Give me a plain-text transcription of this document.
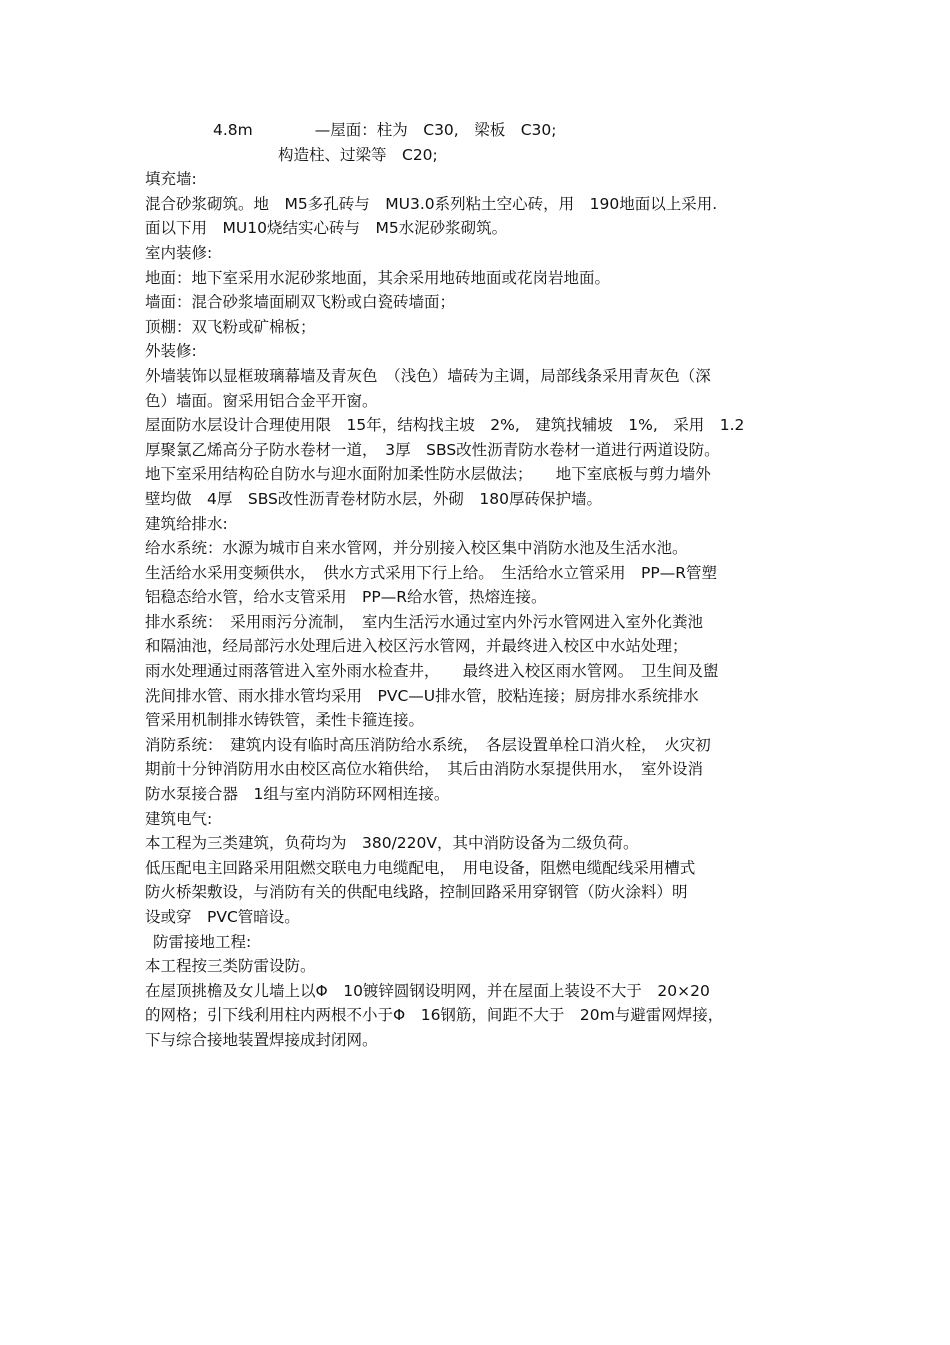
4.8m　　　　—屋面：柱为　C30,　梁板　C30;
构造柱、过梁等　C20;
填充墙:
混合砂浆砌筑。地　M5多孔砖与　MU3.0系列粘土空心砖，用　190地面以上采用.
面以下用　MU10烧结实心砖与　M5水泥砂浆砌筑。
室内装修:
地面：地下室采用水泥砂浆地面，其余采用地砖地面或花岗岩地面。
墙面：混合砂浆墙面刷双飞粉或白瓷砖墙面；
顶棚：双飞粉或矿棉板；
外装修:
外墙装饰以显框玻璃幕墙及青灰色　（浅色）墙砖为主调，局部线条采用青灰色（深
色）墙面。窗采用铝合金平开窗。
屋面防水层设计合理使用限　15年，结构找主坡　2%,　建筑找辅坡　1%,　采用　1.2
厚聚氯乙烯高分子防水卷材一道，　3厚　SBS改性沥青防水卷材一道进行两道设防。
地下室采用结构砼自防水与迎水面附加柔性防水层做法；　　地下室底板与剪力墙外
壁均做　4厚　SBS改性沥青卷材防水层，外砌　180厚砖保护墙。
建筑给排水:
给水系统：水源为城市自来水管网，并分别接入校区集中消防水池及生活水池。
生活给水采用变频供水，　供水方式采用下行上给。　生活给水立管采用　PP—R管塑
铝稳态给水管，给水支管采用　PP—R给水管，热熔连接。
排水系统：　采用雨污分流制，　室内生活污水通过室内外污水管网进入室外化粪池
和隔油池，经局部污水处理后进入校区污水管网，并最终进入校区中水站处理；
雨水处理通过雨落管进入室外雨水检查井，　　最终进入校区雨水管网。　卫生间及盥
洗间排水管、雨水排水管均采用　PVC—U排水管，胶粘连接；厨房排水系统排水
管采用机制排水铸铁管，柔性卡箍连接。
消防系统：　建筑内设有临时高压消防给水系统，　各层设置单栓口消火栓，　火灾初
期前十分钟消防用水由校区高位水箱供给，　其后由消防水泵提供用水，　室外设消
防水泵接合器　1组与室内消防环网相连接。
建筑电气:
本工程为三类建筑，负荷均为　380/220V，其中消防设备为二级负荷。
低压配电主回路采用阻燃交联电力电缆配电，　用电设备，阻燃电缆配线采用槽式
防火桥架敷设，与消防有关的供配电线路，控制回路采用穿钢管（防火涂料）明
设或穿　PVC管暗设。
防雷接地工程:
本工程按三类防雷设防。
在屋顶挑檐及女儿墙上以Φ　10镀锌圆钢设明网，并在屋面上装设不大于　20×20
的网格；引下线利用柱内两根不小于Φ　16钢筋，间距不大于　20m与避雷网焊接，
下与综合接地装置焊接成封闭网。
